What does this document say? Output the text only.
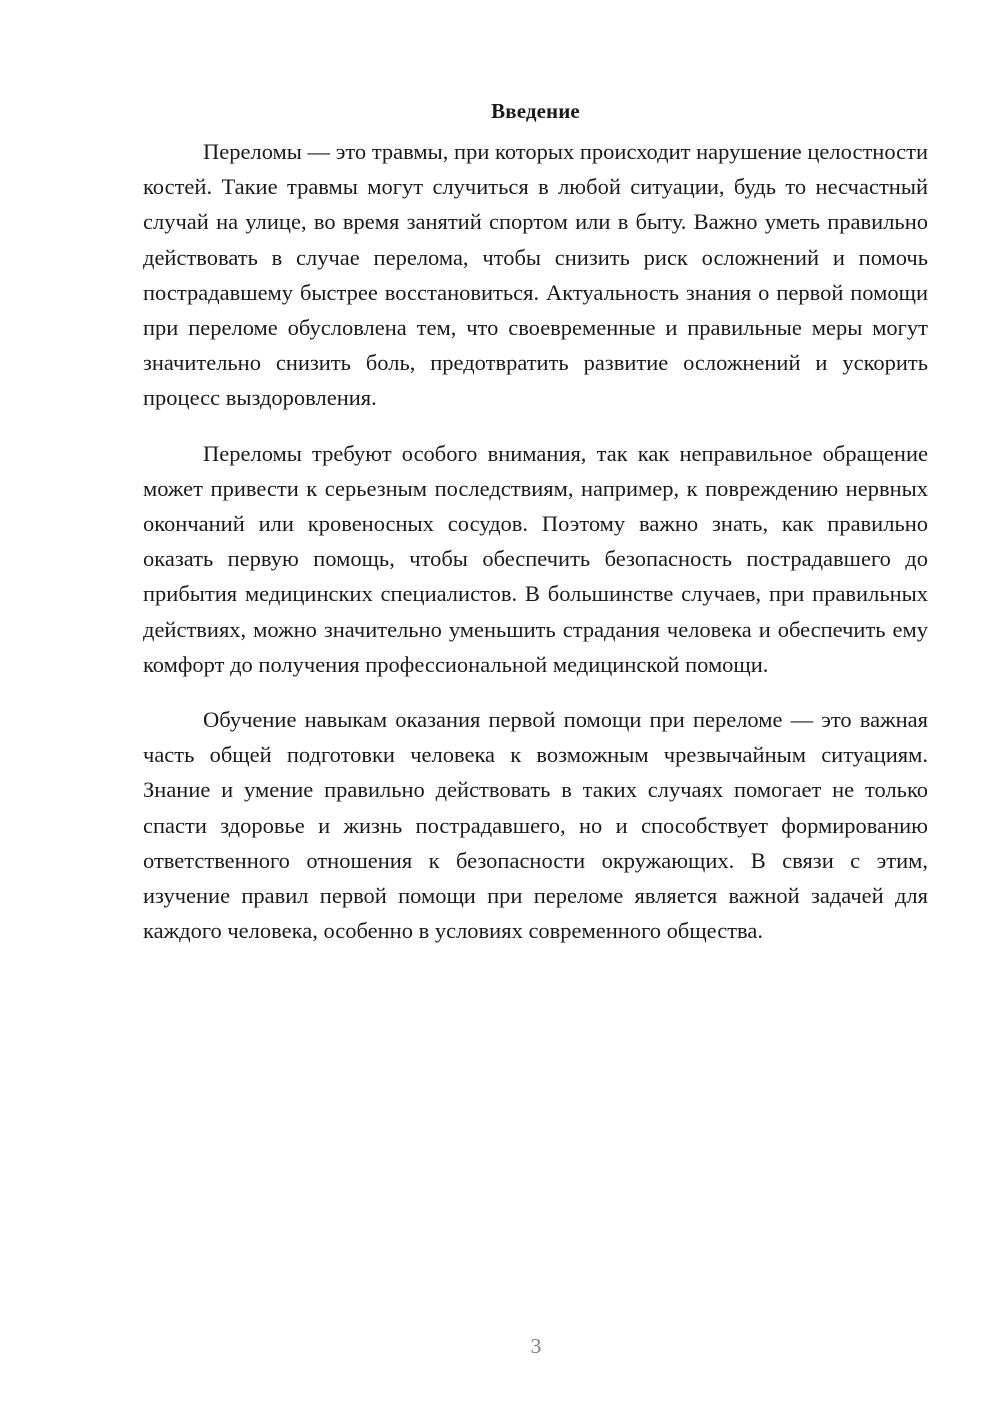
Введение

Переломы — это травмы, при которых происходит нарушение целостности костей. Такие травмы могут случиться в любой ситуации, будь то несчастный случай на улице, во время занятий спортом или в быту. Важно уметь правильно действовать в случае перелома, чтобы снизить риск осложнений и помочь пострадавшему быстрее восстановиться. Актуальность знания о первой помощи при переломе обусловлена тем, что своевременные и правильные меры могут значительно снизить боль, предотвратить развитие осложнений и ускорить процесс выздоровления.

Переломы требуют особого внимания, так как неправильное обращение может привести к серьезным последствиям, например, к повреждению нервных окончаний или кровеносных сосудов. Поэтому важно знать, как правильно оказать первую помощь, чтобы обеспечить безопасность пострадавшего до прибытия медицинских специалистов. В большинстве случаев, при правильных действиях, можно значительно уменьшить страдания человека и обеспечить ему комфорт до получения профессиональной медицинской помощи.

Обучение навыкам оказания первой помощи при переломе — это важная часть общей подготовки человека к возможным чрезвычайным ситуациям. Знание и умение правильно действовать в таких случаях помогает не только спасти здоровье и жизнь пострадавшего, но и способствует формированию ответственного отношения к безопасности окружающих. В связи с этим, изучение правил первой помощи при переломе является важной задачей для каждого человека, особенно в условиях современного общества.

3
